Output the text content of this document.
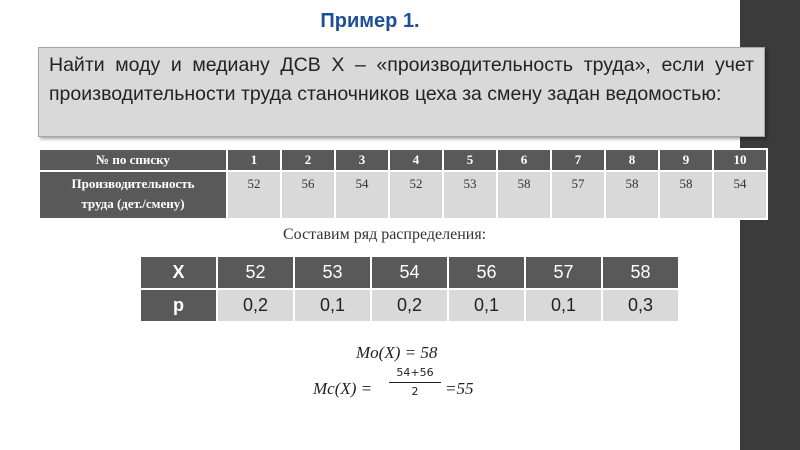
Пример 1.
Найти моду и медиану ДСВ Х – «производительность труда», если учет производительности труда станочников цеха за смену задан ведомостью:
№ по списку	1	2	3	4	5	6	7	8	9	10
Производительность
труда (дет./смену)	52	56	54	52	53	58	57	58	58	54
Составим ряд распределения:
X	52	53	54	56	57	58
p	0,2	0,1	0,2	0,1	0,1	0,3
Mo(X) = 58
Mc(X) =
54+56
2	=55
